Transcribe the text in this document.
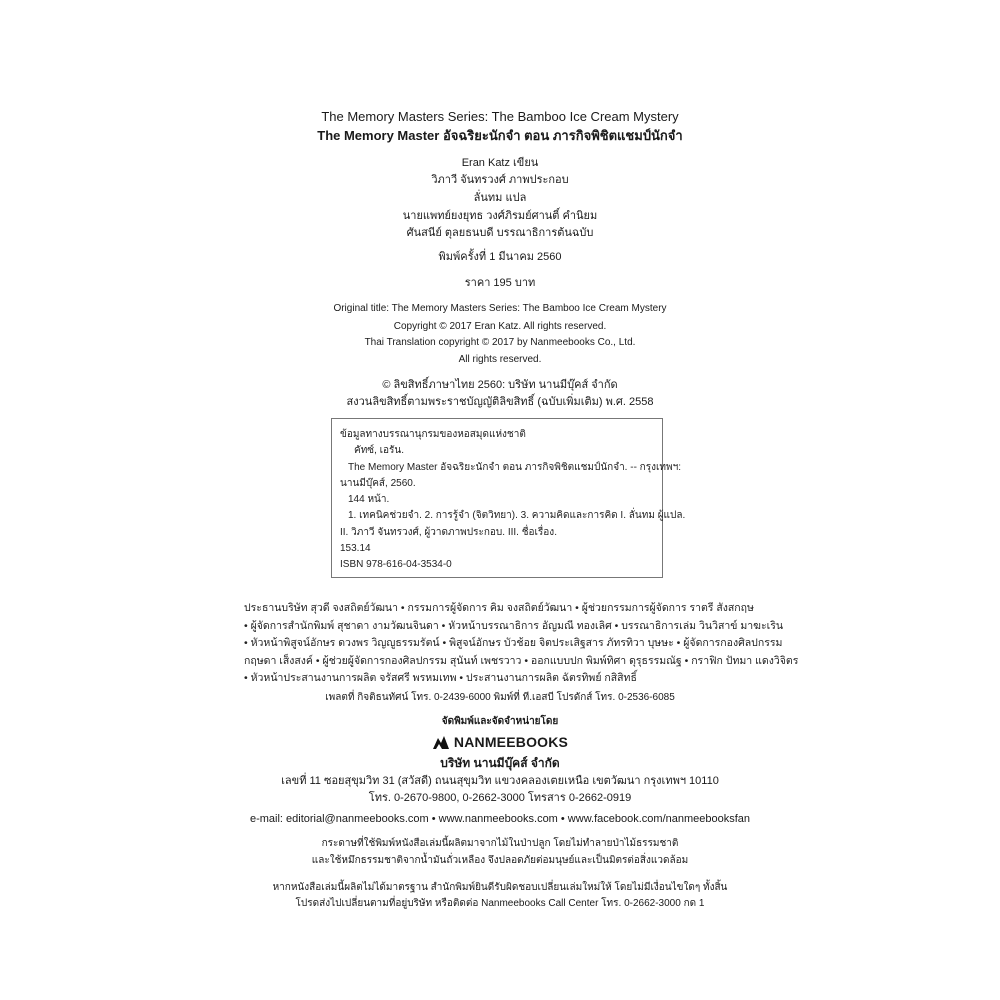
The Memory Masters Series: The Bamboo Ice Cream Mystery
The Memory Master อัจฉริยะนักจำ ตอน ภารกิจพิชิตแชมป์นักจำ
Eran Katz เขียน
วิภาวี จันทรวงศ์ ภาพประกอบ
ลั่นทม แปล
นายแพทย์ยงยุทธ วงศ์ภิรมย์ศานติ์ คำนิยม
ศันสนีย์ ตุลยธนบดี บรรณาธิการต้นฉบับ
พิมพ์ครั้งที่ 1 มีนาคม 2560
ราคา 195 บาท
Original title: The Memory Masters Series: The Bamboo Ice Cream Mystery
Copyright © 2017 Eran Katz. All rights reserved.
Thai Translation copyright © 2017 by Nanmeebooks Co., Ltd.
All rights reserved.
© ลิขสิทธิ์ภาษาไทย 2560: บริษัท นานมีบุ๊คส์ จำกัด
สงวนลิขสิทธิ์ตามพระราชบัญญัติลิขสิทธิ์ (ฉบับเพิ่มเติม) พ.ศ. 2558
ข้อมูลทางบรรณานุกรมของหอสมุดแห่งชาติ
คัทซ์, เอรัน.
The Memory Master อัจฉริยะนักจำ ตอน ภารกิจพิชิตแชมป์นักจำ. -- กรุงเทพฯ:
นานมีบุ๊คส์, 2560.
144 หน้า.
1. เทคนิคช่วยจำ. 2. การรู้จำ (จิตวิทยา). 3. ความคิดและการคิด I. ลั่นทม ผู้แปล.
II. วิภาวี จันทรวงศ์, ผู้วาดภาพประกอบ. III. ชื่อเรื่อง.
153.14
ISBN 978-616-04-3534-0
ประธานบริษัท สุวดี จงสถิตย์วัฒนา • กรรมการผู้จัดการ คิม จงสถิตย์วัฒนา • ผู้ช่วยกรรมการผู้จัดการ ราตรี สังสกฤษ
• ผู้จัดการสำนักพิมพ์ สุชาดา งามวัฒนจินดา • หัวหน้าบรรณาธิการ อัญมณี ทองเลิศ • บรรณาธิการเล่ม วินวิสาข์ มาฆะเริน
• หัวหน้าพิสูจน์อักษร ดวงพร วิญญูธรรมรัตน์ • พิสูจน์อักษร บัวช้อย จิตประเสิฐสาร ภัทรทิวา บุษษะ • ผู้จัดการกองศิลปกรรม
กฤษดา เส็งสงค์ • ผู้ช่วยผู้จัดการกองศิลปกรรม สุนันท์ เพชรวาว • ออกแบบปก พิมพ์ทิศา ดุรุธรรมณัฐ • กราฟิก ปัทมา แดงวิจิตร
• หัวหน้าประสานงานการผลิต จรัสศรี พรหมเทพ • ประสานงานการผลิต ฉัตรทิพย์ กสิสิทธิ์
เพลตที่ กิจติธนทัศน์ โทร. 0-2439-6000 พิมพ์ที่ ที.เอสบี โปรดักส์ โทร. 0-2536-6085
จัดพิมพ์และจัดจำหน่ายโดย
NANMEEBOOKS
บริษัท นานมีบุ๊คส์ จำกัด
เลขที่ 11 ซอยสุขุมวิท 31 (สวัสดี) ถนนสุขุมวิท แขวงคลองเตยเหนือ เขตวัฒนา กรุงเทพฯ 10110
โทร. 0-2670-9800, 0-2662-3000 โทรสาร 0-2662-0919
e-mail: editorial@nanmeebooks.com • www.nanmeebooks.com • www.facebook.com/nanmeebooksfan
กระดาษที่ใช้พิมพ์หนังสือเล่มนี้ผลิตมาจากไม้ในป่าปลูก โดยไม่ทำลายป่าไม้ธรรมชาติ
และใช้หมึกธรรมชาติจากน้ำมันถั่วเหลือง จึงปลอดภัยต่อมนุษย์และเป็นมิตรต่อสิ่งแวดล้อม
หากหนังสือเล่มนี้ผลิตไม่ได้มาตรฐาน สำนักพิมพ์ยินดีรับผิดชอบเปลี่ยนเล่มใหม่ให้ โดยไม่มีเงื่อนไขใดๆ ทั้งสิ้น
โปรดส่งไปเปลี่ยนตามที่อยู่บริษัท หรือติดต่อ Nanmeebooks Call Center โทร. 0-2662-3000 กด 1
